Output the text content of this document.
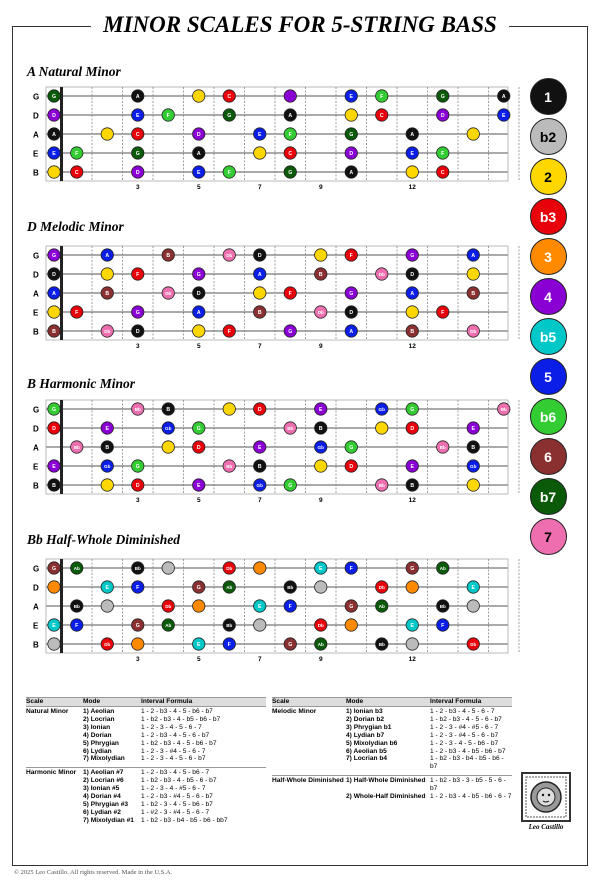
MINOR SCALES FOR 5-STRING BASS
A Natural Minor
D Melodic Minor
B Harmonic Minor
Bb Half-Whole Diminished
G
D
A
E
B
3	5	7	9	12
G	A	C	E	F	G	A
D	E	F	G	A	C	D	E
A	C	D	E	F	G	A
E	F	G	A	C	D	E	F
C	D	E	F	G	A	C
G
D
A
E
B
3	5	7	9	12
G	A	B	Db	D	F	G	A
D	F	G	A	B	Db	D
A	B	Db	D	F	G	A	B
F	G	A	B	Db	D	F
B	Db	D	F	G	A	B	Db
G
D
A
E
B
3	5	7	9	12
G	Bb	B	D	E	Gb	G	Bb
D	E	Gb	G	Bb	B	D	E
Bb	B	D	E	Gb	G	Bb	B
E	Gb	G	Bb	B	D	E	Gb
B	D	E	Gb	G	Bb	B
G
D
A
E
B
3	5	7	9	12
G	Ab	Bb	Db	E	F	G	Ab
E	F	G	Ab	Bb	Db	E
Bb	Db	E	F	G	Ab	Bb
E	F	G	Ab	Bb	Db	E	F
Db	E	F	G	Ab	Bb	Db
1
b2
2
b3
3
4
b5
5
b6
6
b7
7
Scale	Mode	Interval Formula
Natural Minor	1) Aeolian	1 - 2 - b3 - 4 - 5 - b6 - b7
2) Locrian	1 - b2 - b3 - 4 - b5 - b6 - b7
3) Ionian	1 - 2 - 3 - 4 - 5 - 6 - 7
4) Dorian	1 - 2 - b3 - 4 - 5 - 6 - b7
5) Phrygian	1 - b2 - b3 - 4 - 5 - b6 - b7
6) Lydian	1 - 2 - 3 - #4 - 5 - 6 - 7
7) Mixolydian	1 - 2 - 3 - 4 - 5 - 6 - b7
Harmonic Minor	1) Aeolian #7	1 - 2 - b3 - 4 - 5 - b6 - 7
2) Locrian #6	1 - b2 - b3 - 4 - b5 - 6 - b7
3) Ionian #5	1 - 2 - 3 - 4 - #5 - 6 - 7
4) Dorian #4	1 - 2 - b3 - #4 - 5 - 6 - b7
5) Phrygian #3	1 - b2 - 3 - 4 - 5 - b6 - b7
6) Lydian #2	1 - #2 - 3 - #4 - 5 - 6 - 7
7) Mixolydian #1	1 - b2 - b3 - b4 - b5 - b6 - bb7
Scale	Mode	Interval Formula
Melodic Minor	1) Ionian b3	1 - 2 - b3 - 4 - 5 - 6 - 7
2) Dorian b2	1 - b2 - b3 - 4 - 5 - 6 - b7
3) Phrygian b1	1 - 2 - 3 - #4 - #5 - 6 - 7
4) Lydian b7	1 - 2 - 3 - #4 - 5 - 6 - b7
5) Mixolydian b6	1 - 2 - 3 - 4 - 5 - b6 - b7
6) Aeolian b5	1 - 2 - b3 - 4 - b5 - b6 - b7
7) Locrian b4	1 - b2 - b3 - b4 - b5 - b6 - b7
Half-Whole Diminished 1) Half-Whole Diminished 1 - b2 - b3 - 3 - b5 - 5 - 6 - b7
2) Whole-Half Diminished 1 - 2 - b3 - 4 - b5 - b6 - 6 - 7
Leo Castillo
© 2025 Leo Castillo. All rights reserved. Made in the U.S.A.
